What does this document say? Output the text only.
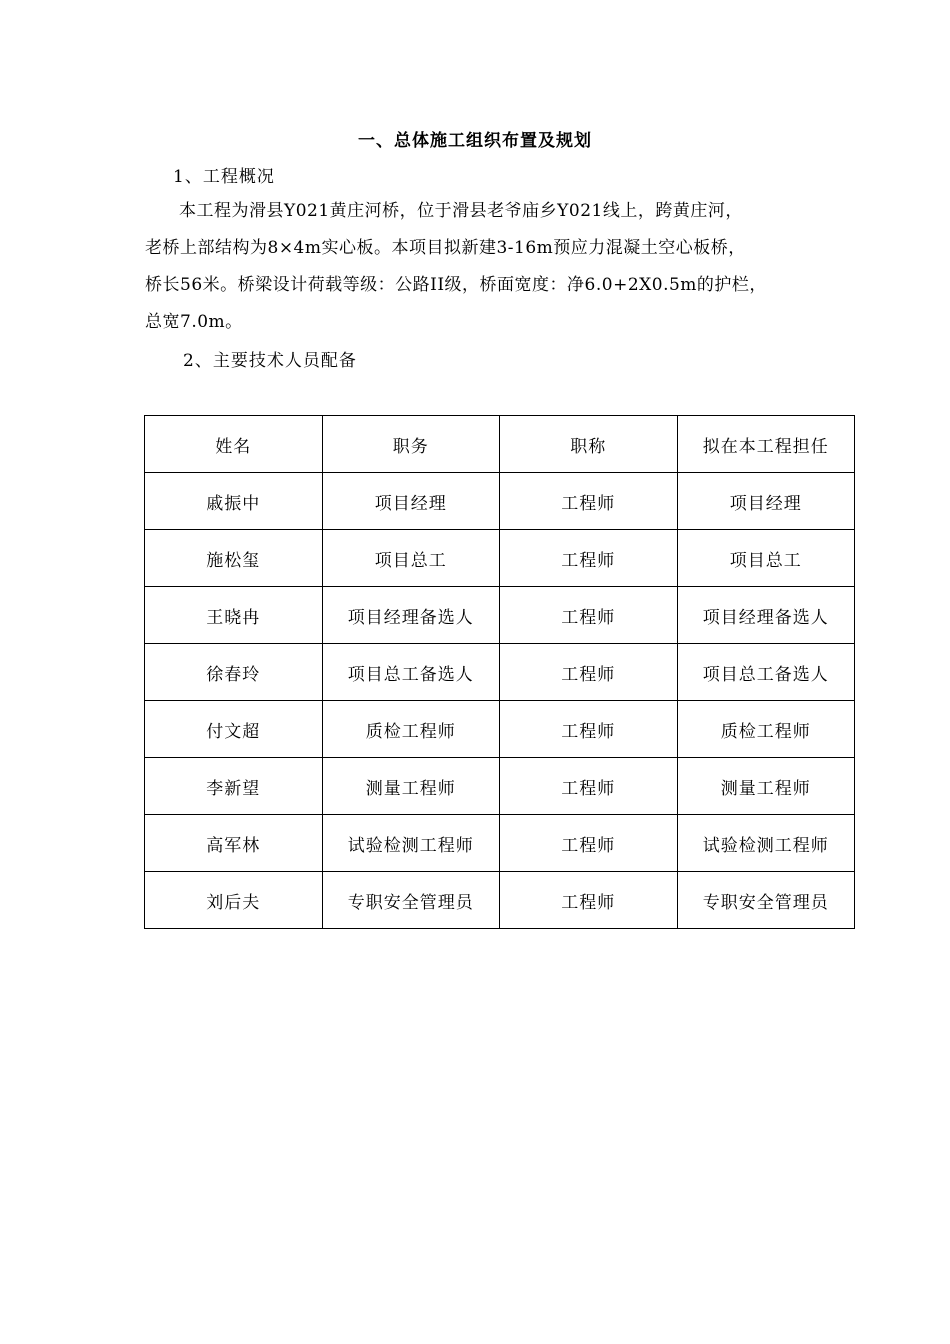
一、总体施工组织布置及规划
1、工程概况
本工程为滑县Y021黄庄河桥，位于滑县老爷庙乡Y021线上，跨黄庄河，
老桥上部结构为8×4m实心板。本项目拟新建3-16m预应力混凝土空心板桥，
桥长56米。桥梁设计荷载等级：公路II级，桥面宽度：净6.0+2X0.5m的护栏，
总宽7.0m。
2、主要技术人员配备
姓名	职务	职称	拟在本工程担任
戚振中	项目经理	工程师	项目经理
施松玺	项目总工	工程师	项目总工
王晓冉	项目经理备选人	工程师	项目经理备选人
徐春玲	项目总工备选人	工程师	项目总工备选人
付文超	质检工程师	工程师	质检工程师
李新望	测量工程师	工程师	测量工程师
高军林	试验检测工程师	工程师	试验检测工程师
刘后夫	专职安全管理员	工程师	专职安全管理员
